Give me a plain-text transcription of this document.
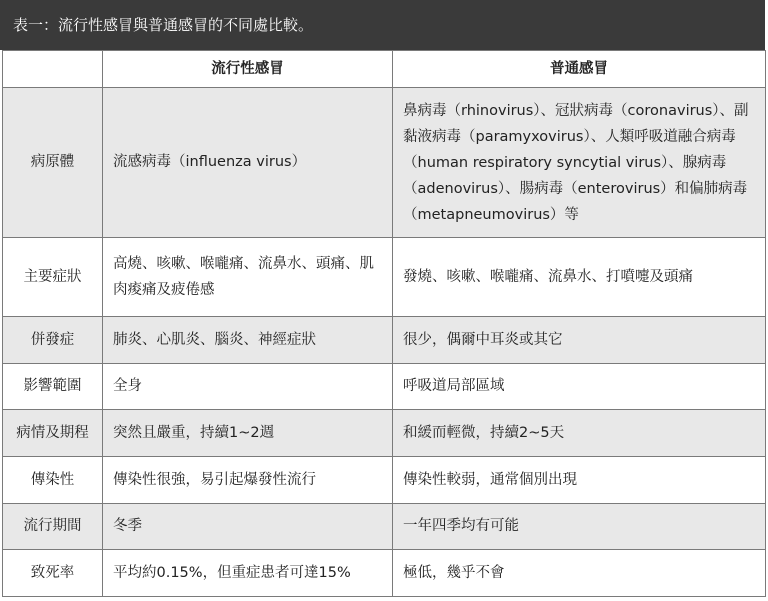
表一：流行性感冒與普通感冒的不同處比較。
	流行性感冒	普通感冒
病原體	流感病毒（influenza virus）	鼻病毒（rhinovirus）、冠狀病毒（coronavirus）、副黏液病毒（paramyxovirus）、人類呼吸道融合病毒（human respiratory syncytial virus）、腺病毒（adenovirus）、腸病毒（enterovirus）和偏肺病毒（metapneumovirus）等
主要症狀	高燒、咳嗽、喉嚨痛、流鼻水、頭痛、肌肉痠痛及疲倦感	發燒、咳嗽、喉嚨痛、流鼻水、打噴嚏及頭痛
併發症	肺炎、心肌炎、腦炎、神經症狀	很少，偶爾中耳炎或其它
影響範圍	全身	呼吸道局部區域
病情及期程	突然且嚴重，持續1~2週	和緩而輕微，持續2~5天
傳染性	傳染性很強，易引起爆發性流行	傳染性較弱，通常個別出現
流行期間	冬季	一年四季均有可能
致死率	平均約0.15%，但重症患者可達15%	極低，幾乎不會
